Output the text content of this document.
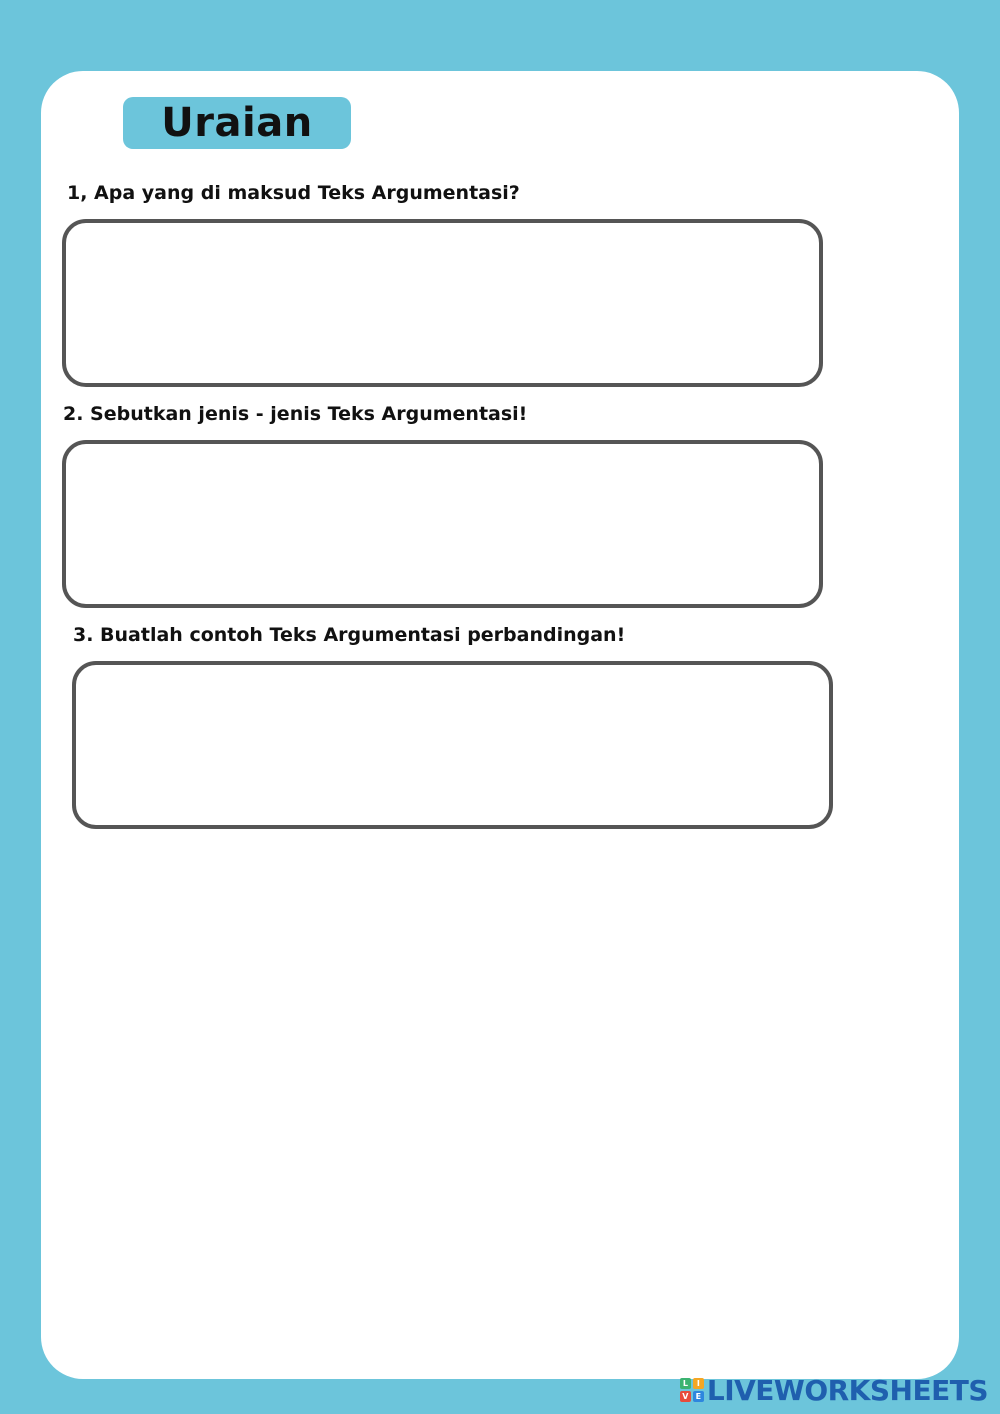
Uraian
1, Apa yang di maksud Teks Argumentasi?
2. Sebutkan jenis - jenis Teks Argumentasi!
3. Buatlah contoh Teks Argumentasi perbandingan!
L	I
V E LIVEWORKSHEETS
